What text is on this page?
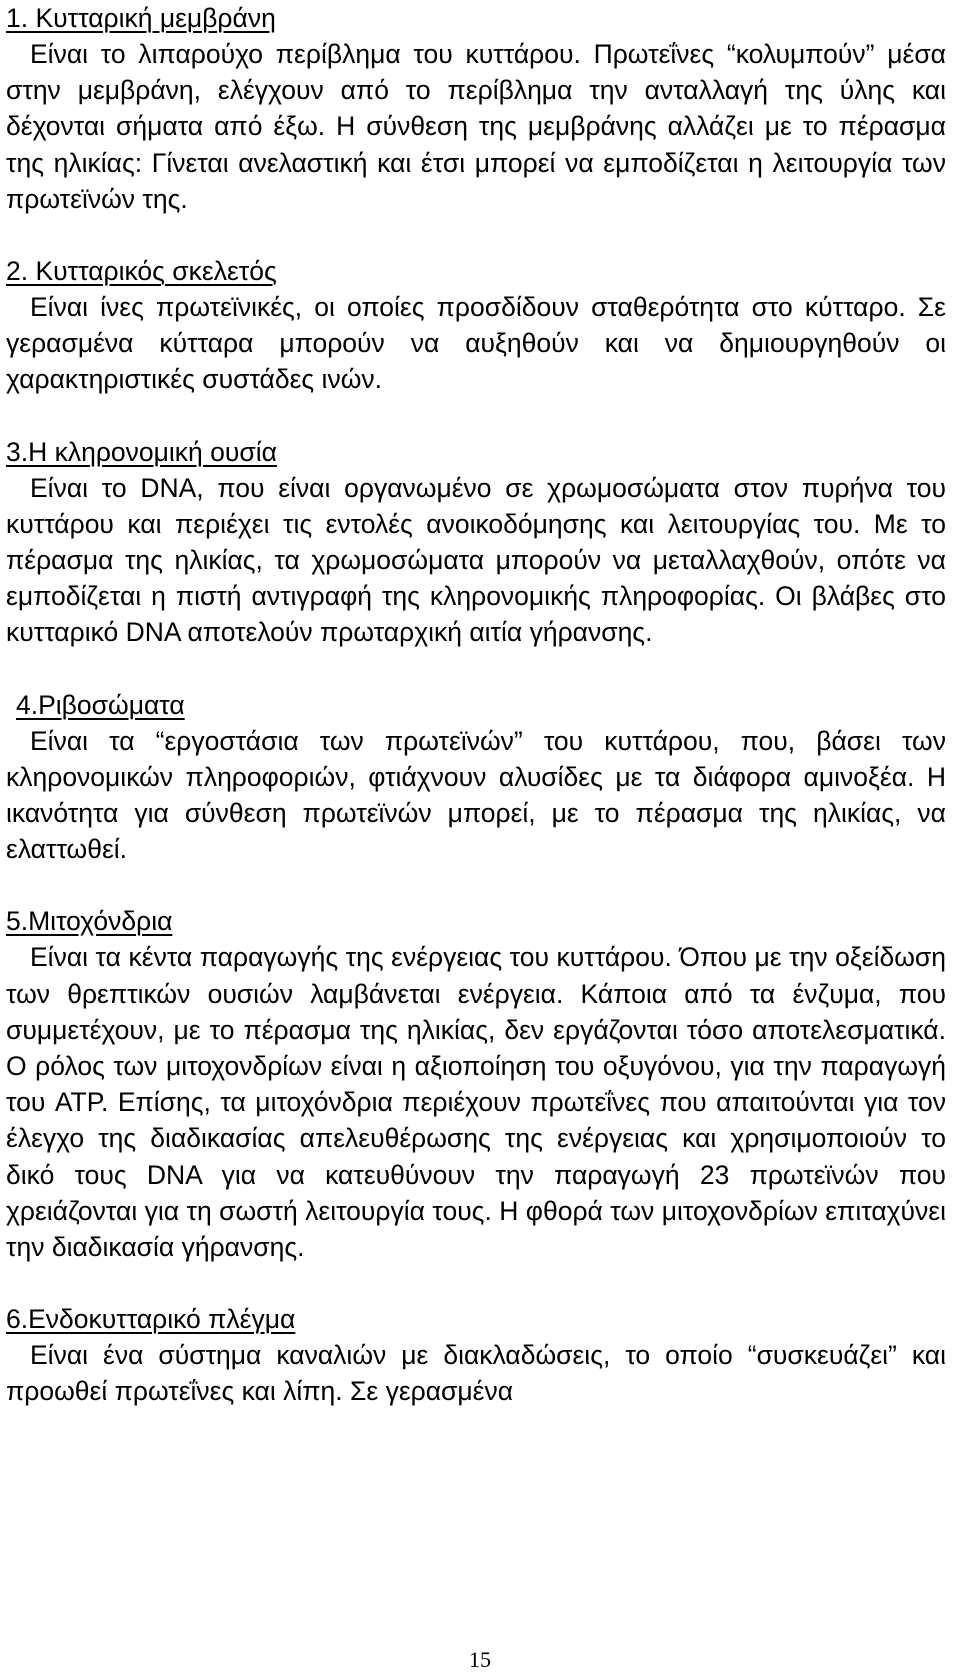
1. Κυτταρική μεμβράνη

Είναι το λιπαρούχο περίβλημα του κυττάρου. Πρωτεΐνες “κολυμπούν” μέσα στην μεμβράνη, ελέγχουν από το περίβλημα την ανταλλαγή της ύλης και δέχονται σήματα από έξω. Η σύνθεση της μεμβράνης αλλάζει με το πέρασμα της ηλικίας: Γίνεται ανελαστική και έτσι μπορεί να εμποδίζεται η λειτουργία των πρωτεϊνών της.

2. Κυτταρικός σκελετός

Είναι ίνες πρωτεϊνικές, οι οποίες προσδίδουν σταθερότητα στο κύτταρο. Σε γερασμένα κύτταρα μπορούν να αυξηθούν και να δημιουργηθούν οι χαρακτηριστικές συστάδες ινών.

3.Η κληρονομική ουσία

Είναι το DNA, που είναι οργανωμένο σε χρωμοσώματα στον πυρήνα του κυττάρου και περιέχει τις εντολές ανοικοδόμησης και λειτουργίας του. Με το πέρασμα της ηλικίας, τα χρωμοσώματα μπορούν να μεταλλαχθούν, οπότε να εμποδίζεται η πιστή αντιγραφή της κληρονομικής πληροφορίας. Οι βλάβες στο κυτταρικό DNA αποτελούν πρωταρχική αιτία γήρανσης.

4.Ριβοσώματα

Είναι τα “εργοστάσια των πρωτεϊνών” του κυττάρου, που, βάσει των κληρονομικών πληροφοριών, φτιάχνουν αλυσίδες με τα διάφορα αμινοξέα. Η ικανότητα για σύνθεση πρωτεϊνών μπορεί, με το πέρασμα της ηλικίας, να ελαττωθεί.

5.Μιτοχόνδρια

Είναι τα κέντα παραγωγής της ενέργειας του κυττάρου. Όπου με την οξείδωση των θρεπτικών ουσιών λαμβάνεται ενέργεια. Κάποια από τα ένζυμα, που συμμετέχουν, με το πέρασμα της ηλικίας, δεν εργάζονται τόσο αποτελεσματικά. Ο ρόλος των μιτοχονδρίων είναι η αξιοποίηση του οξυγόνου, για την παραγωγή του ATP. Επίσης, τα μιτοχόνδρια περιέχουν πρωτεΐνες που απαιτούνται για τον έλεγχο της διαδικασίας απελευθέρωσης της ενέργειας και χρησιμοποιούν το δικό τους DNA για να κατευθύνουν την παραγωγή 23 πρωτεϊνών που χρειάζονται για τη σωστή λειτουργία τους. Η φθορά των μιτοχονδρίων επιταχύνει την διαδικασία γήρανσης.

6.Ενδοκυτταρικό πλέγμα

Είναι ένα σύστημα καναλιών με διακλαδώσεις, το οποίο “συσκευάζει” και προωθεί πρωτεΐνες και λίπη. Σε γερασμένα

15
